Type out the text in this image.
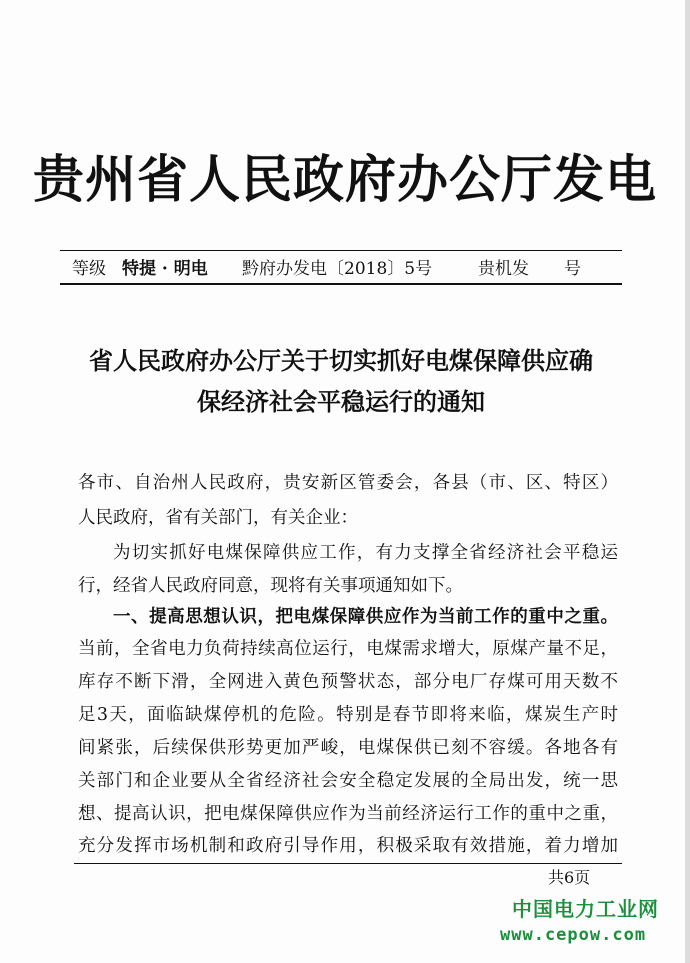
贵州省人民政府办公厅发电
等级 特提 · 明电 黔府办发电〔2018〕5号	贵机发 号
省人民政府办公厅关于切实抓好电煤保障供应确
保经济社会平稳运行的通知
各市、自治州人民政府，贵安新区管委会，各县（市、区、特区）
人民政府，省有关部门，有关企业：
为切实抓好电煤保障供应工作，有力支撑全省经济社会平稳运
行，经省人民政府同意，现将有关事项通知如下。
一、提高思想认识，把电煤保障供应作为当前工作的重中之重。
当前，全省电力负荷持续高位运行，电煤需求增大，原煤产量不足，
库存不断下滑，全网进入黄色预警状态，部分电厂存煤可用天数不
足3天，面临缺煤停机的危险。特别是春节即将来临，煤炭生产时
间紧张，后续保供形势更加严峻，电煤保供已刻不容缓。各地各有
关部门和企业要从全省经济社会安全稳定发展的全局出发，统一思
想、提高认识，把电煤保障供应作为当前经济运行工作的重中之重，
充分发挥市场机制和政府引导作用，积极采取有效措施，着力增加
共6页
中国电力工业网
www.cepow.com
